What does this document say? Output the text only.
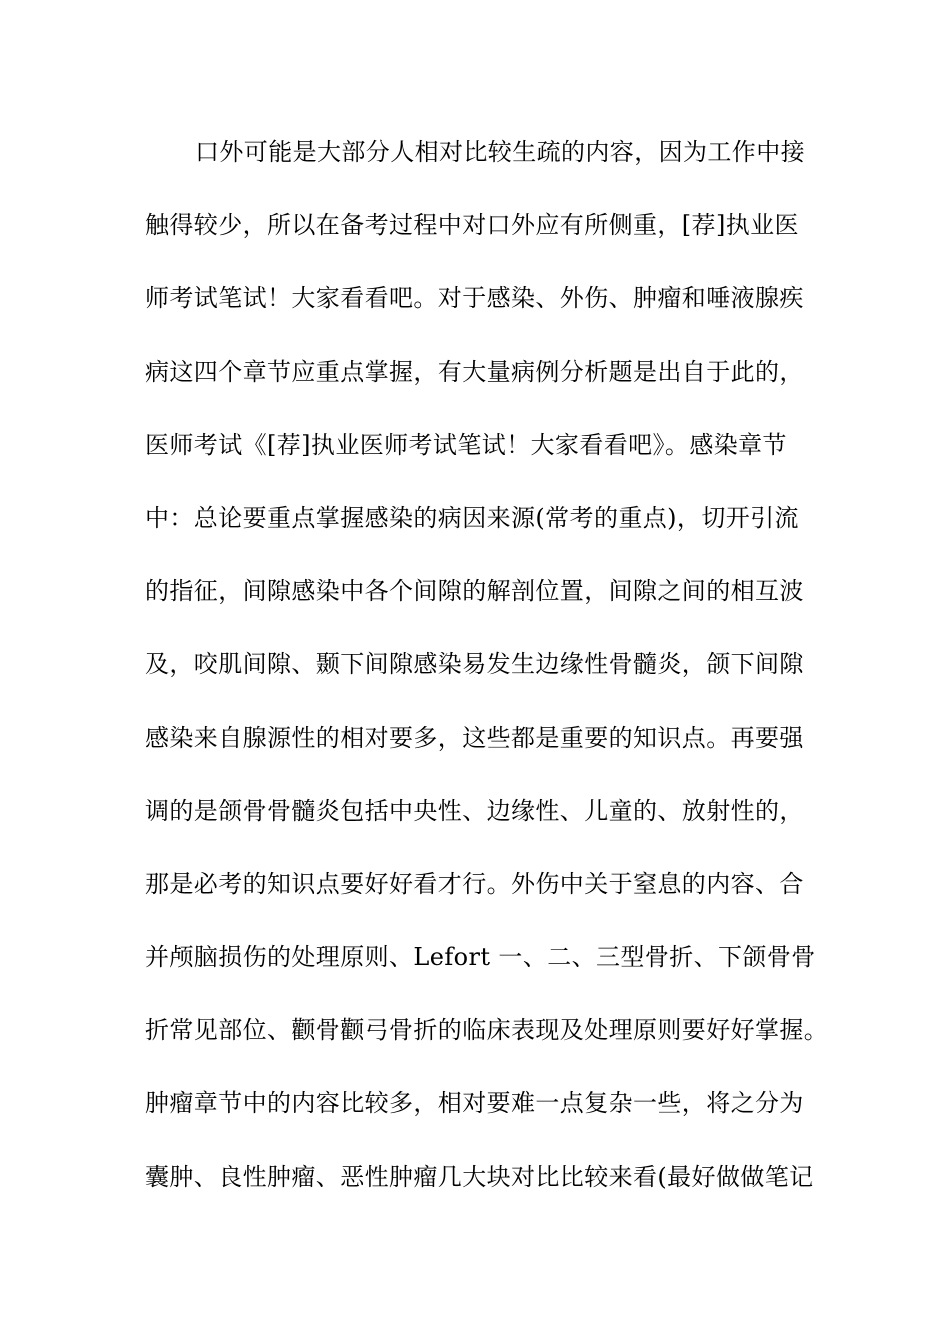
口外可能是大部分人相对比较生疏的内容，因为工作中接
触得较少，所以在备考过程中对口外应有所侧重，[荐]执业医
师考试笔试！大家看看吧。对于感染、外伤、肿瘤和唾液腺疾
病这四个章节应重点掌握，有大量病例分析题是出自于此的，
医师考试《[荐]执业医师考试笔试！大家看看吧》。感染章节
中：总论要重点掌握感染的病因来源(常考的重点)，切开引流
的指征，间隙感染中各个间隙的解剖位置，间隙之间的相互波
及，咬肌间隙、颞下间隙感染易发生边缘性骨髓炎，颌下间隙
感染来自腺源性的相对要多，这些都是重要的知识点。再要强
调的是颌骨骨髓炎包括中央性、边缘性、儿童的、放射性的，
那是必考的知识点要好好看才行。外伤中关于窒息的内容、合
并颅脑损伤的处理原则、Lefort 一、二、三型骨折、下颌骨骨
折常见部位、颧骨颧弓骨折的临床表现及处理原则要好好掌握。
肿瘤章节中的内容比较多，相对要难一点复杂一些，将之分为
囊肿、良性肿瘤、恶性肿瘤几大块对比比较来看(最好做做笔记
